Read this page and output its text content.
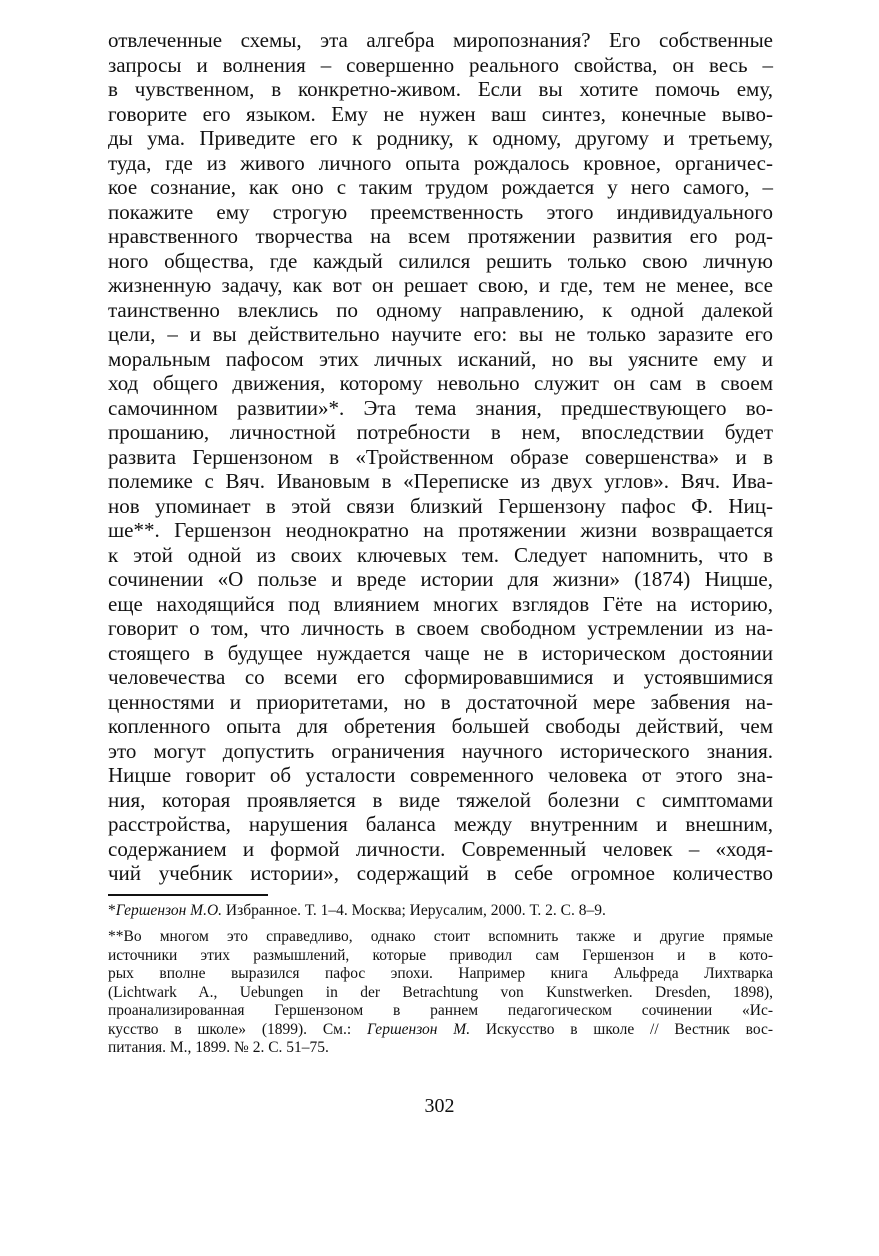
отвлеченные схемы, эта алгебра миропознания? Его собственные
запросы и волнения – совершенно реального свойства, он весь –
в чувственном, в конкретно-живом. Если вы хотите помочь ему,
говорите его языком. Ему не нужен ваш синтез, конечные выво-
ды ума. Приведите его к роднику, к одному, другому и третьему,
туда, где из живого личного опыта рождалось кровное, органичес-
кое сознание, как оно с таким трудом рождается у него самого, –
покажите ему строгую преемственность этого индивидуального
нравственного творчества на всем протяжении развития его род-
ного общества, где каждый силился решить только свою личную
жизненную задачу, как вот он решает свою, и где, тем не менее, все
таинственно влеклись по одному направлению, к одной далекой
цели, – и вы действительно научите его: вы не только заразите его
моральным пафосом этих личных исканий, но вы уясните ему и
ход общего движения, которому невольно служит он сам в своем
самочинном развитии»*. Эта тема знания, предшествующего во-
прошанию, личностной потребности в нем, впоследствии будет
развита Гершензоном в «Тройственном образе совершенства» и в
полемике с Вяч. Ивановым в «Переписке из двух углов». Вяч. Ива-
нов упоминает в этой связи близкий Гершензону пафос Ф. Ниц-
ше**. Гершензон неоднократно на протяжении жизни возвращается
к этой одной из своих ключевых тем. Следует напомнить, что в
сочинении «О пользе и вреде истории для жизни» (1874) Ницше,
еще находящийся под влиянием многих взглядов Гёте на историю,
говорит о том, что личность в своем свободном устремлении из на-
стоящего в будущее нуждается чаще не в историческом достоянии
человечества со всеми его сформировавшимися и устоявшимися
ценностями и приоритетами, но в достаточной мере забвения на-
копленного опыта для обретения большей свободы действий, чем
это могут допустить ограничения научного исторического знания.
Ницше говорит об усталости современного человека от этого зна-
ния, которая проявляется в виде тяжелой болезни с симптомами
расстройства, нарушения баланса между внутренним и внешним,
содержанием и формой личности. Современный человек – «ходя-
чий учебник истории», содержащий в себе огромное количество
*Гершензон М.О. Избранное. Т. 1–4. Москва; Иерусалим, 2000. Т. 2. С. 8–9.
**Во многом это справедливо, однако стоит вспомнить также и другие прямые
источники этих размышлений, которые приводил сам Гершензон и в кото-
рых вполне выразился пафос эпохи. Например книга Альфреда Лихтварка
(Lichtwark A., Uebungen in der Betrachtung von Kunstwerken. Dresden, 1898),
проанализированная Гершензоном в раннем педагогическом сочинении «Ис-
кусство в школе» (1899). См.: Гершензон М. Искусство в школе // Вестник вос-
питания. М., 1899. № 2. С. 51–75.
302
